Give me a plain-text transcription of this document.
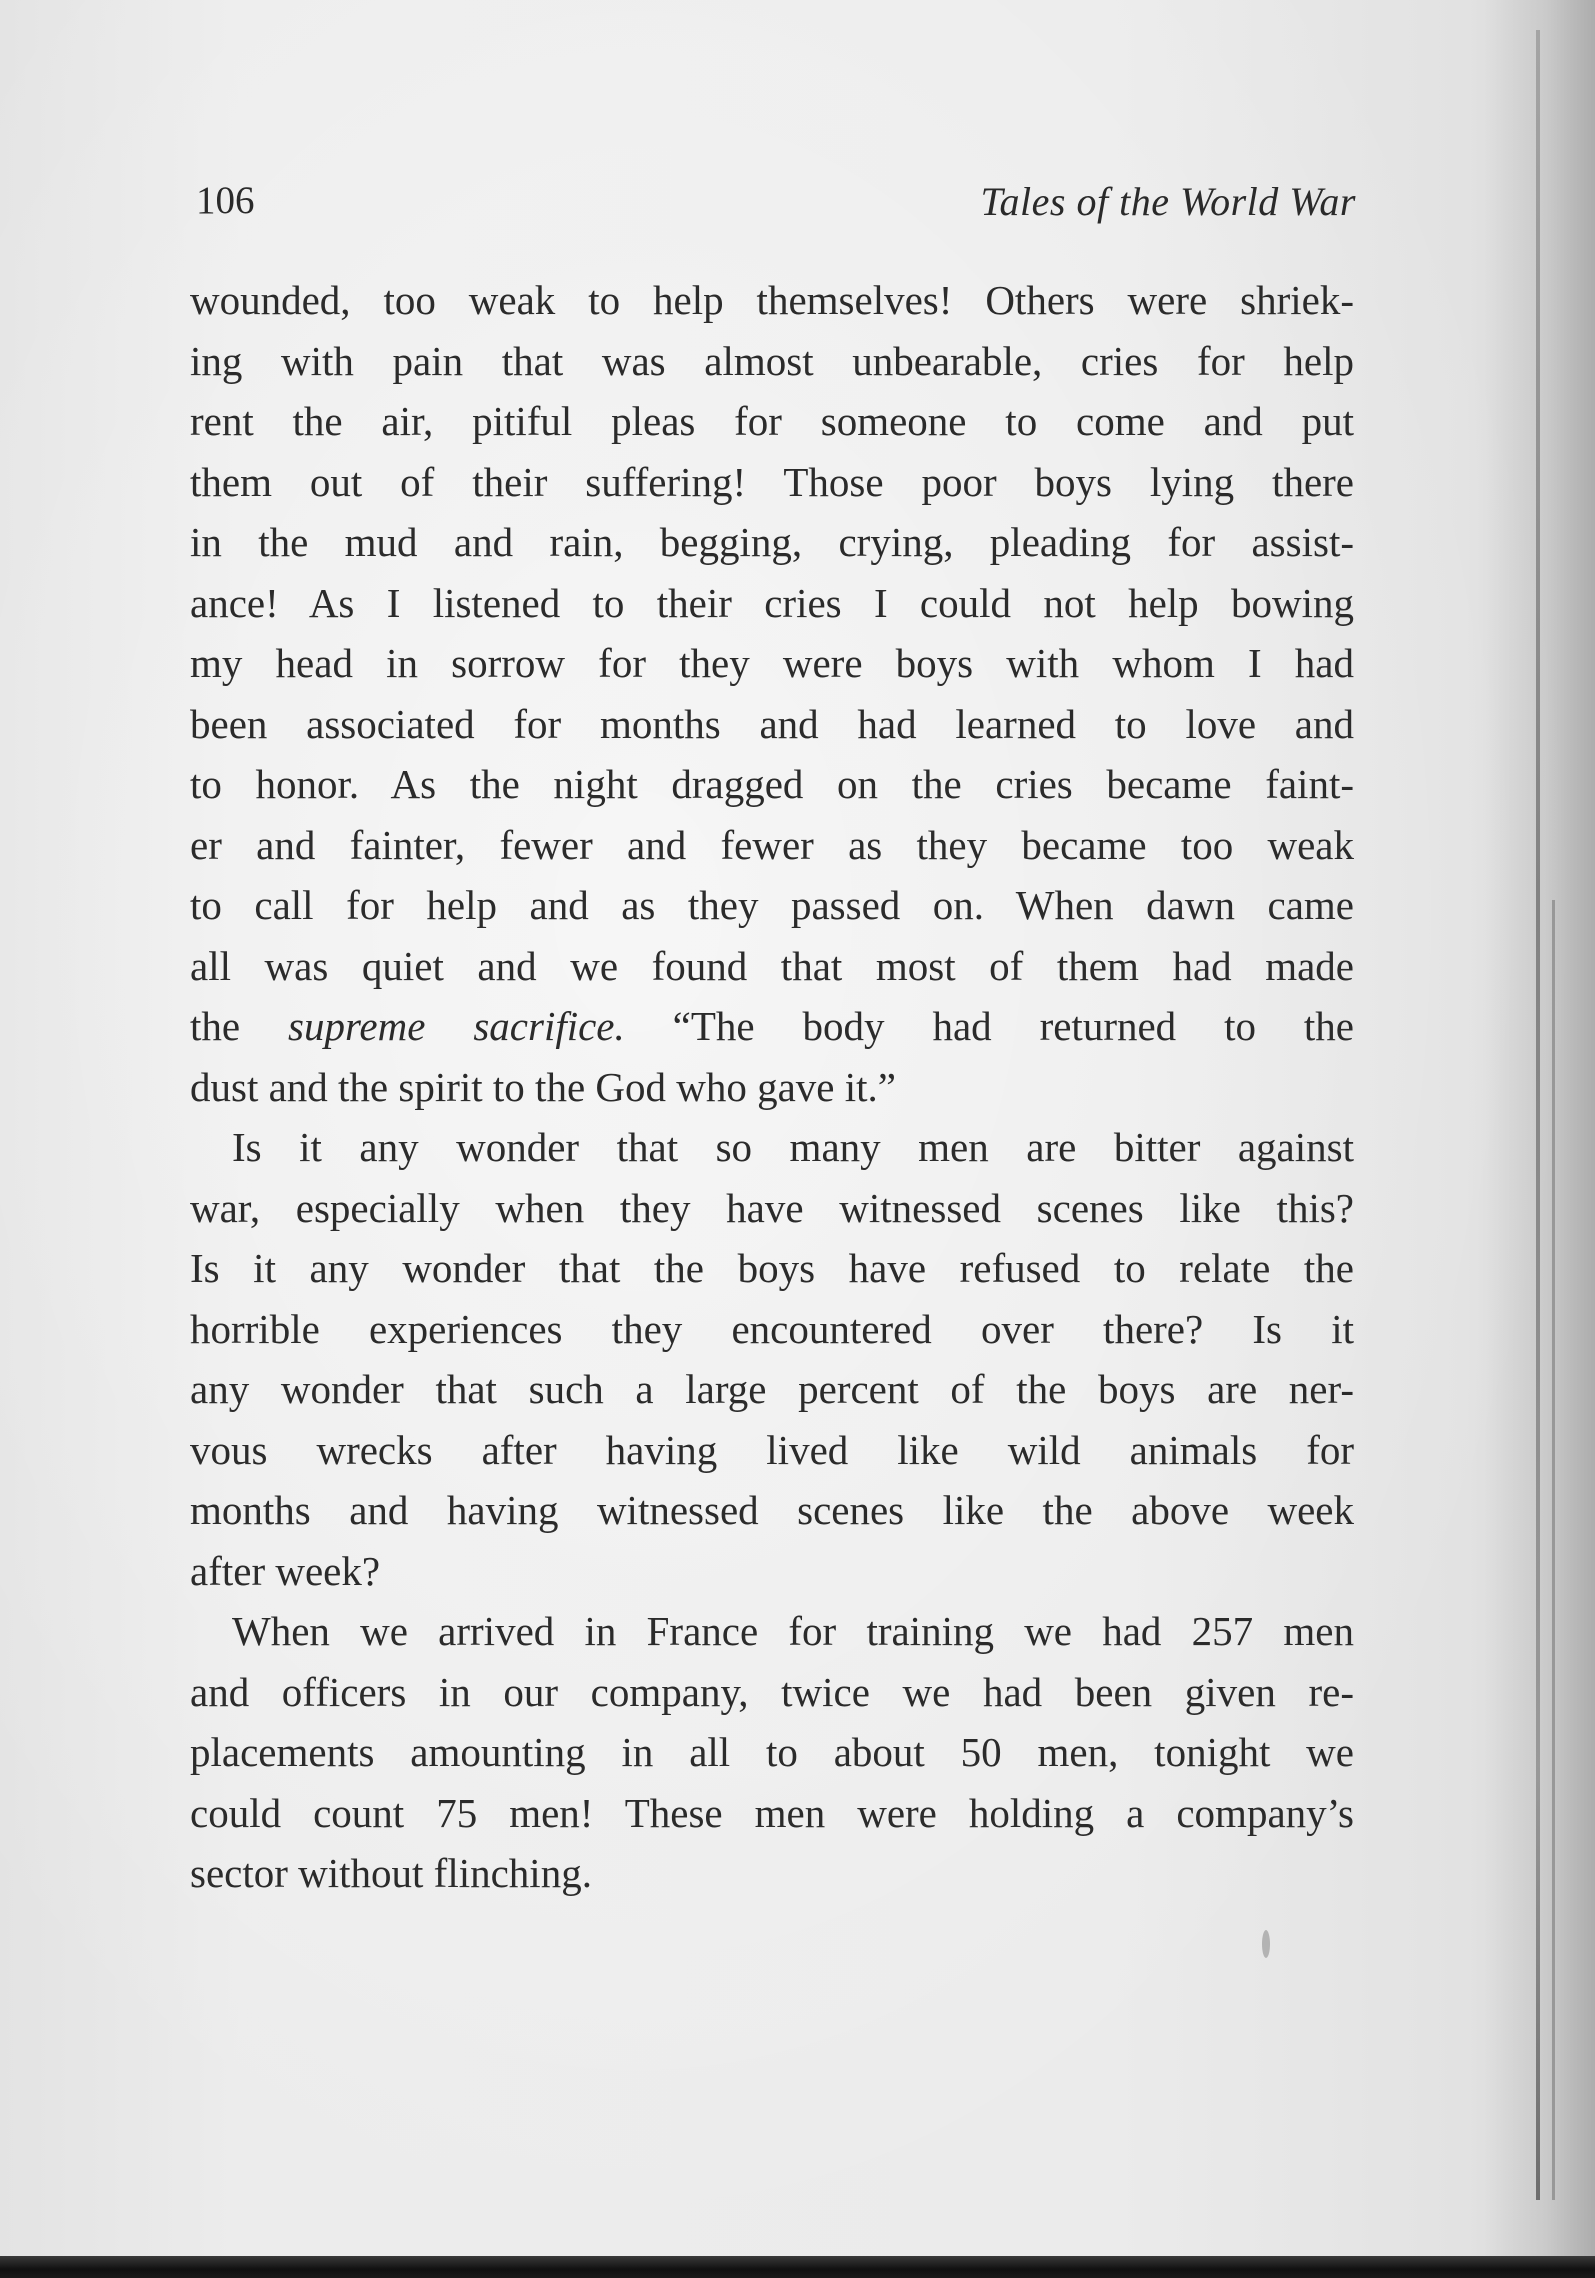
106	Tales of the World War
wounded, too weak to help themselves! Others were shriek-
ing with pain that was almost unbearable, cries for help
rent the air, pitiful pleas for someone to come and put
them out of their suffering! Those poor boys lying there
in the mud and rain, begging, crying, pleading for assist-
ance! As I listened to their cries I could not help bowing
my head in sorrow for they were boys with whom I had
been associated for months and had learned to love and
to honor. As the night dragged on the cries became faint-
er and fainter, fewer and fewer as they became too weak
to call for help and as they passed on. When dawn came
all was quiet and we found that most of them had made
the supreme sacrifice. “The body had returned to the
dust and the spirit to the God who gave it.”
Is it any wonder that so many men are bitter against
war, especially when they have witnessed scenes like this?
Is it any wonder that the boys have refused to relate the
horrible experiences they encountered over there? Is it
any wonder that such a large percent of the boys are ner-
vous wrecks after having lived like wild animals for
months and having witnessed scenes like the above week
after week?
When we arrived in France for training we had 257 men
and officers in our company, twice we had been given re-
placements amounting in all to about 50 men, tonight we
could count 75 men! These men were holding a company’s
sector without flinching.
